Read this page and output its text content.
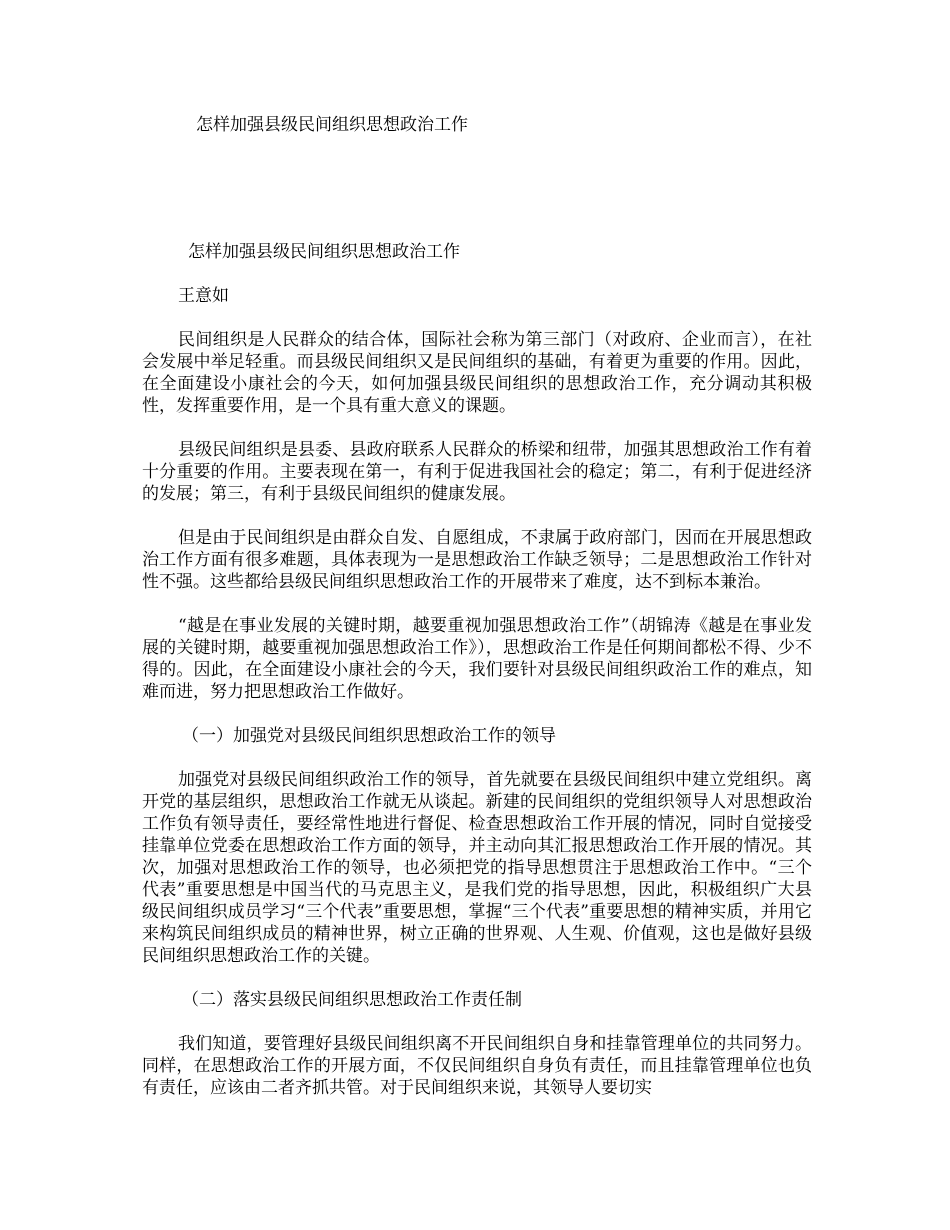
怎样加强县级民间组织思想政治工作

怎样加强县级民间组织思想政治工作

王意如

民间组织是人民群众的结合体，国际社会称为第三部门（对政府、企业而言），在社会发展中举足轻重。而县级民间组织又是民间组织的基础，有着更为重要的作用。因此，在全面建设小康社会的今天，如何加强县级民间组织的思想政治工作，充分调动其积极性，发挥重要作用，是一个具有重大意义的课题。

县级民间组织是县委、县政府联系人民群众的桥梁和纽带，加强其思想政治工作有着十分重要的作用。主要表现在第一，有利于促进我国社会的稳定；第二，有利于促进经济的发展；第三，有利于县级民间组织的健康发展。

但是由于民间组织是由群众自发、自愿组成，不隶属于政府部门，因而在开展思想政治工作方面有很多难题，具体表现为一是思想政治工作缺乏领导；二是思想政治工作针对性不强。这些都给县级民间组织思想政治工作的开展带来了难度，达不到标本兼治。

“越是在事业发展的关键时期，越要重视加强思想政治工作”（胡锦涛《越是在事业发展的关键时期，越要重视加强思想政治工作》），思想政治工作是任何期间都松不得、少不得的。因此，在全面建设小康社会的今天，我们要针对县级民间组织政治工作的难点，知难而进，努力把思想政治工作做好。

（一）加强党对县级民间组织思想政治工作的领导

加强党对县级民间组织政治工作的领导，首先就要在县级民间组织中建立党组织。离开党的基层组织，思想政治工作就无从谈起。新建的民间组织的党组织领导人对思想政治工作负有领导责任，要经常性地进行督促、检查思想政治工作开展的情况，同时自觉接受挂靠单位党委在思想政治工作方面的领导，并主动向其汇报思想政治工作开展的情况。其次，加强对思想政治工作的领导，也必须把党的指导思想贯注于思想政治工作中。“三个代表”重要思想是中国当代的马克思主义，是我们党的指导思想，因此，积极组织广大县级民间组织成员学习“三个代表”重要思想，掌握“三个代表”重要思想的精神实质，并用它来构筑民间组织成员的精神世界，树立正确的世界观、人生观、价值观，这也是做好县级民间组织思想政治工作的关键。

（二）落实县级民间组织思想政治工作责任制

我们知道，要管理好县级民间组织离不开民间组织自身和挂靠管理单位的共同努力。同样，在思想政治工作的开展方面，不仅民间组织自身负有责任，而且挂靠管理单位也负有责任，应该由二者齐抓共管。对于民间组织来说，其领导人要切实
